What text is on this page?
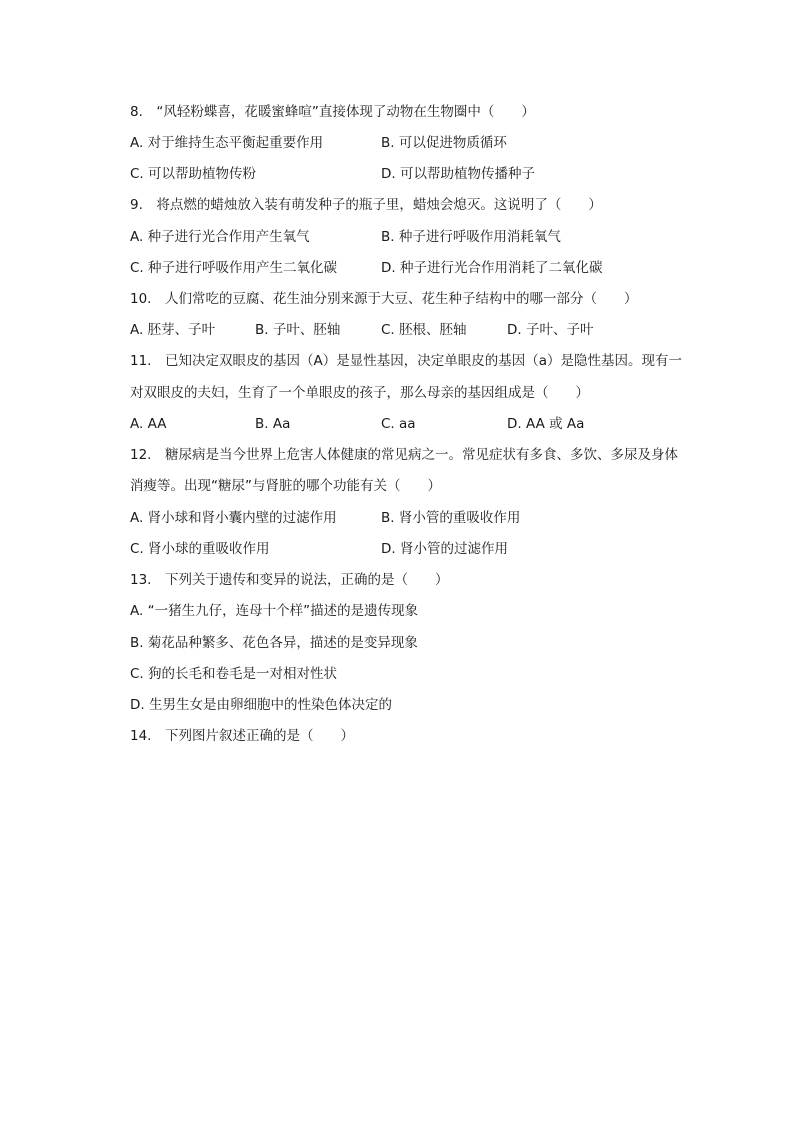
8.　“风轻粉蝶喜，花暖蜜蜂喧”直接体现了动物在生物圈中（　　）
A. 对于维持生态平衡起重要作用	B. 可以促进物质循环
C. 可以帮助植物传粉	D. 可以帮助植物传播种子
9.　将点燃的蜡烛放入装有萌发种子的瓶子里，蜡烛会熄灭。这说明了（　　）
A. 种子进行光合作用产生氧气	B. 种子进行呼吸作用消耗氧气
C. 种子进行呼吸作用产生二氧化碳	D. 种子进行光合作用消耗了二氧化碳
10.　人们常吃的豆腐、花生油分别来源于大豆、花生种子结构中的哪一部分（　　）
A. 胚芽、子叶	B. 子叶、胚轴	C. 胚根、胚轴	D. 子叶、子叶
11.　已知决定双眼皮的基因（A）是显性基因，决定单眼皮的基因（a）是隐性基因。现有一
对双眼皮的夫妇，生育了一个单眼皮的孩子，那么母亲的基因组成是（　　）
A. AA	B. Aa	C. aa	D. AA 或 Aa
12.　糖尿病是当今世界上危害人体健康的常见病之一。常见症状有多食、多饮、多尿及身体
消瘦等。出现“糖尿”与肾脏的哪个功能有关（　　）
A. 肾小球和肾小囊内壁的过滤作用	B. 肾小管的重吸收作用
C. 肾小球的重吸收作用	D. 肾小管的过滤作用
13.　下列关于遗传和变异的说法，正确的是（　　）
A. “一猪生九仔，连母十个样”描述的是遗传现象
B. 菊花品种繁多、花色各异，描述的是变异现象
C. 狗的长毛和卷毛是一对相对性状
D. 生男生女是由卵细胞中的性染色体决定的
14.　下列图片叙述正确的是（　　）
